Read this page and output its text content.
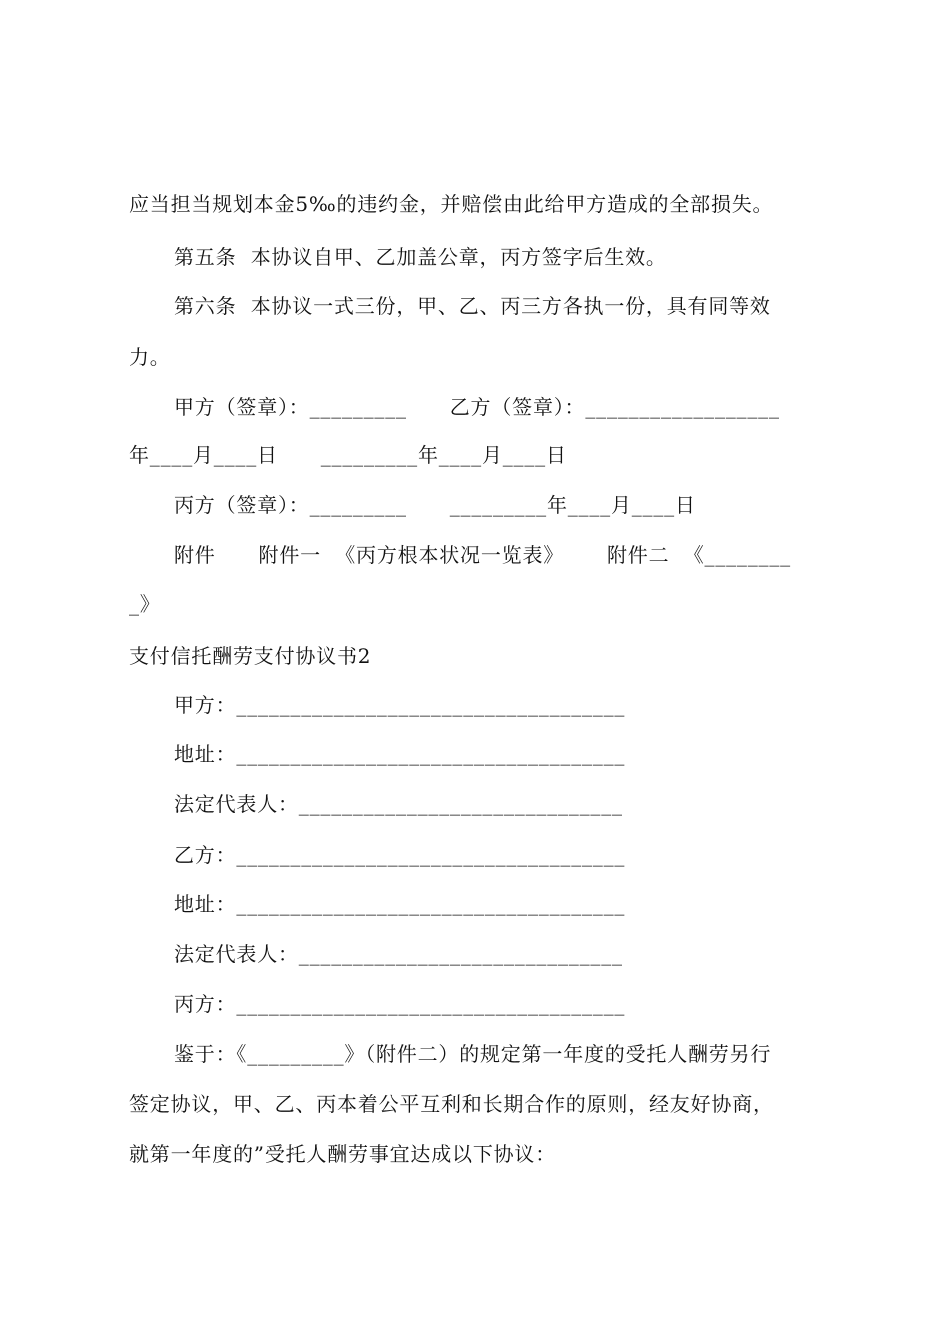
应当担当规划本金5‰的违约金，并赔偿由此给甲方造成的全部损失。
第五条  本协议自甲、乙加盖公章，丙方签字后生效。
第六条  本协议一式三份，甲、乙、丙三方各执一份，具有同等效
力。
甲方（签章）：_________      乙方（签章）：__________________
年____月____日      _________年____月____日
丙方（签章）：_________      _________年____月____日
附件      附件一  《丙方根本状况一览表》      附件二  《________
_》
支付信托酬劳支付协议书2
甲方：____________________________________
地址：____________________________________
法定代表人：______________________________
乙方：____________________________________
地址：____________________________________
法定代表人：______________________________
丙方：____________________________________
鉴于：《_________》（附件二）的规定第一年度的受托人酬劳另行
签定协议，甲、乙、丙本着公平互利和长期合作的原则，经友好协商，
就第一年度的”受托人酬劳事宜达成以下协议：
